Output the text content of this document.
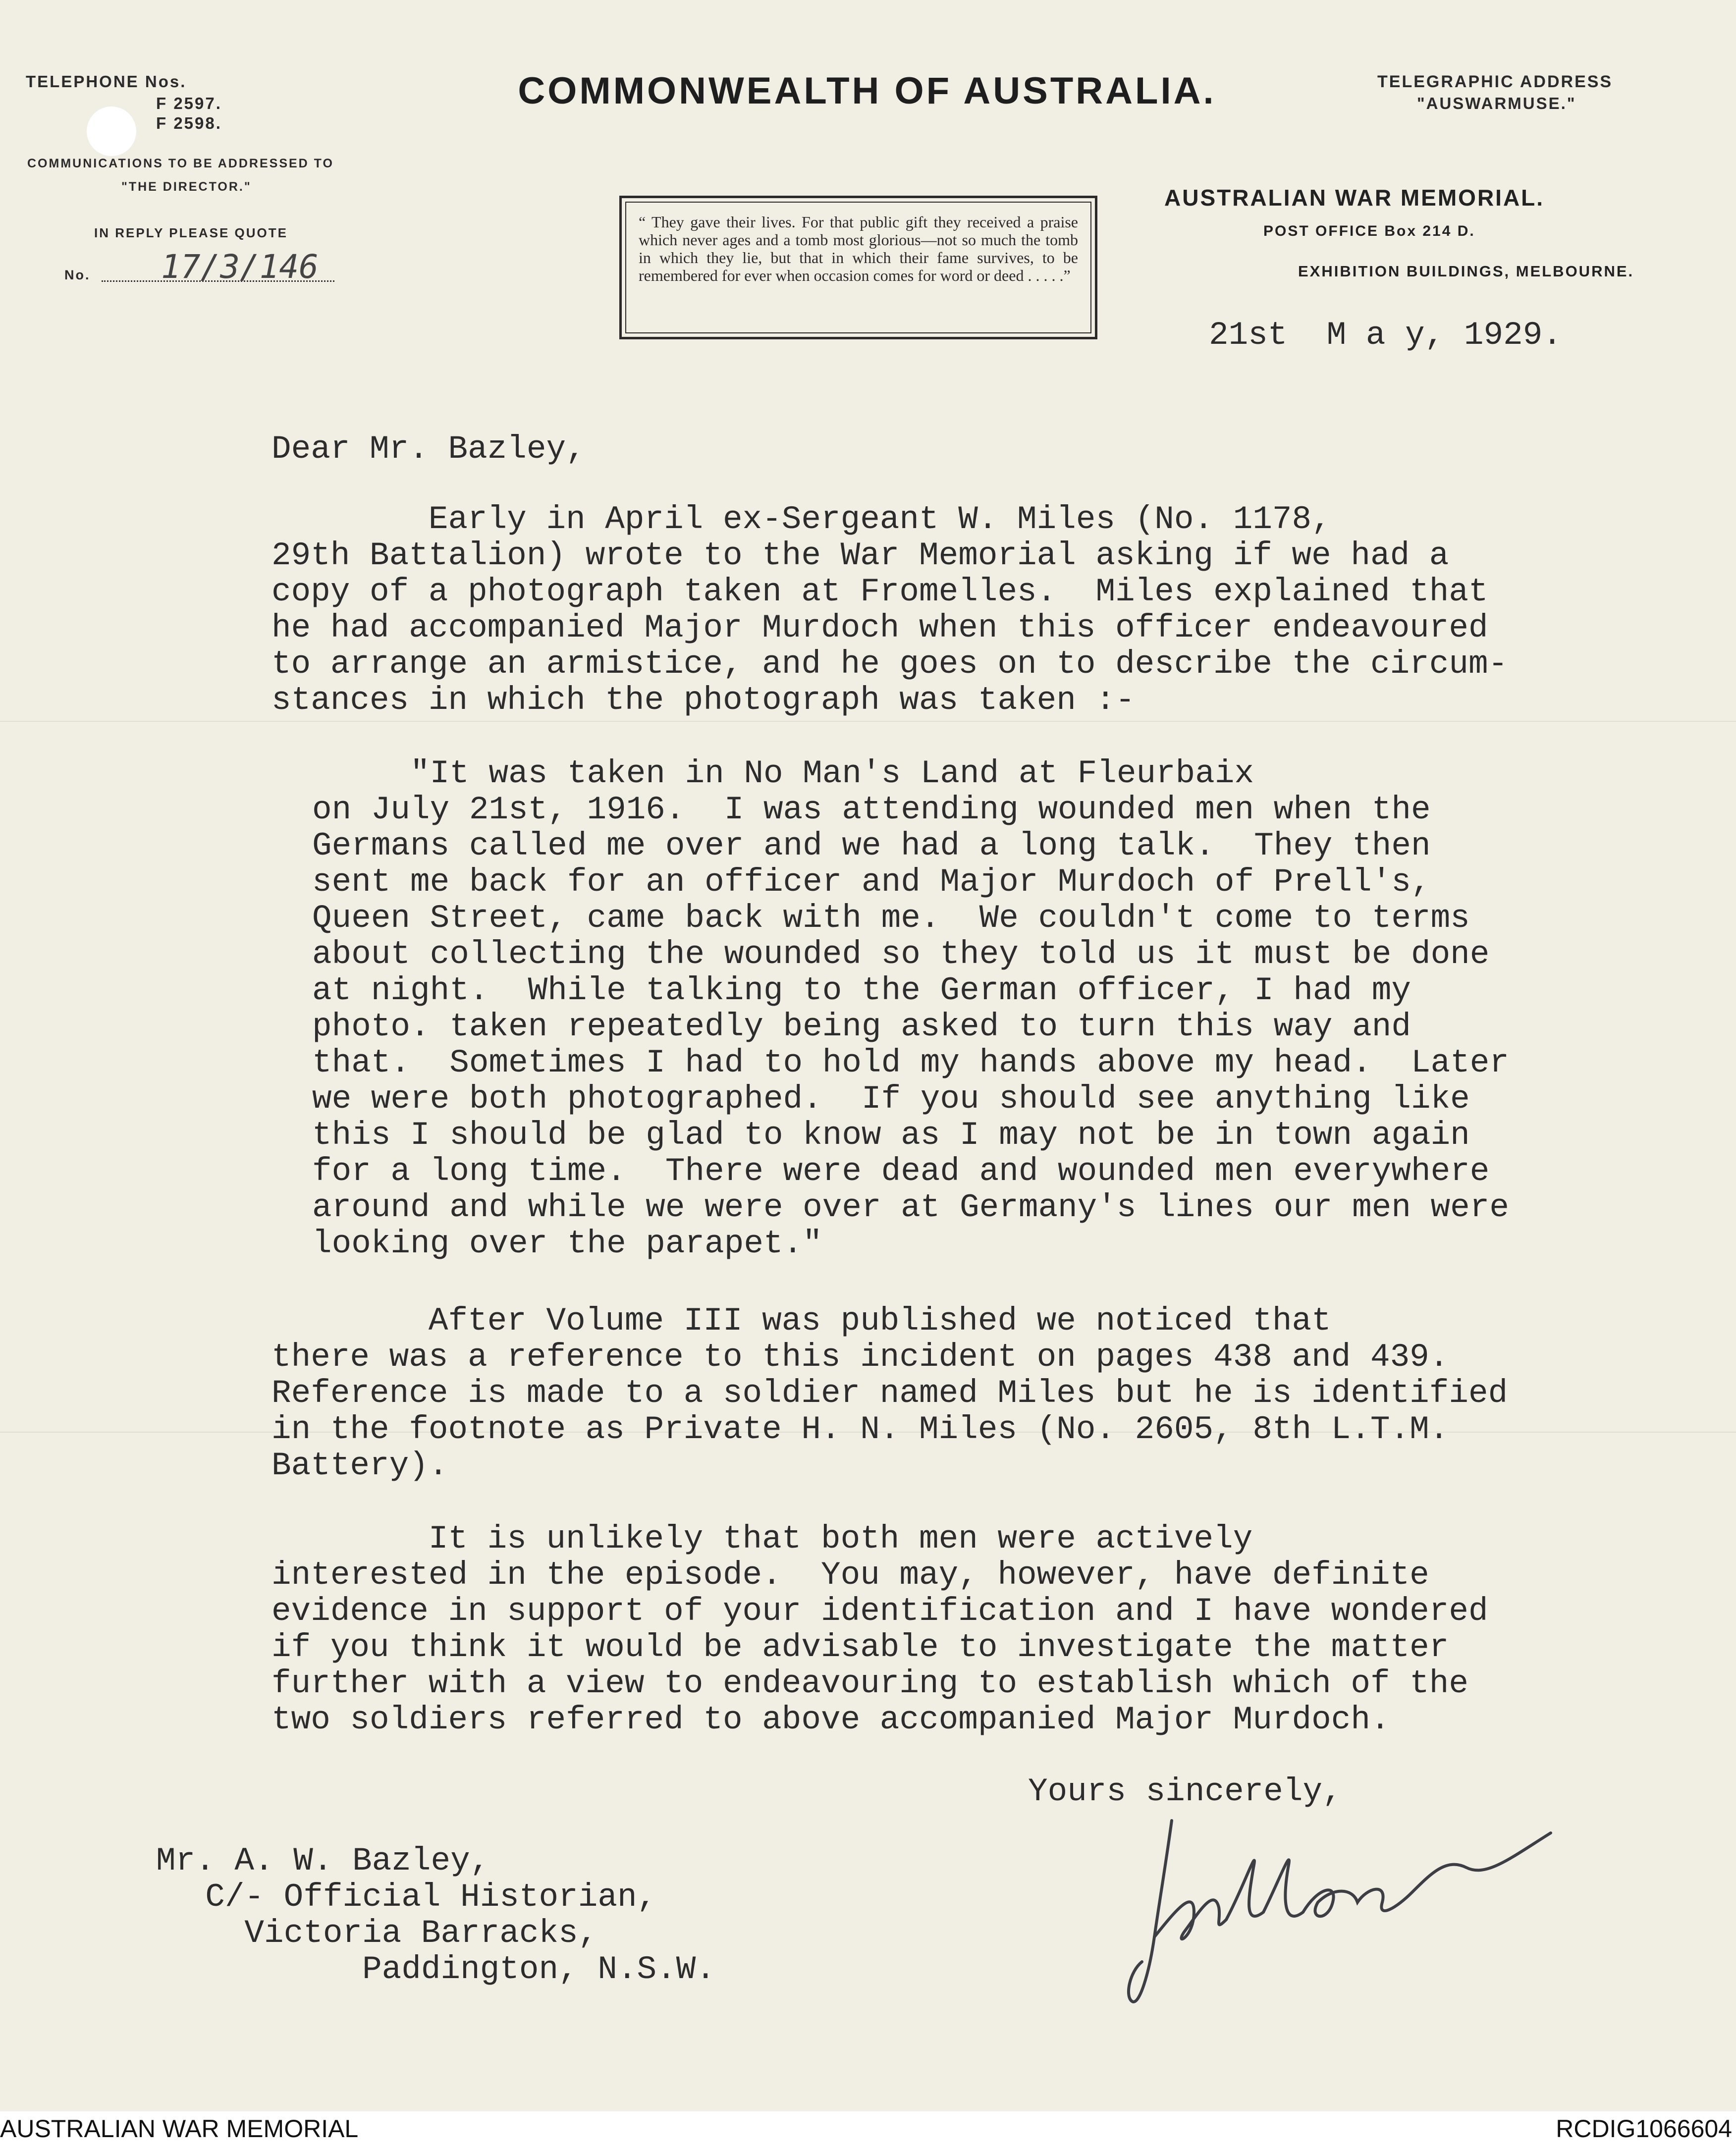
TELEPHONE Nos.
F 2597.
F 2598.
COMMUNICATIONS TO BE ADDRESSED TO
"THE DIRECTOR."
IN REPLY PLEASE QUOTE
No. 17/3/146
COMMONWEALTH OF AUSTRALIA.	TELEGRAPHIC ADDRESS
"AUSWARMUSE."

“ They gave their lives. For that public gift they received a praise which never ages and a tomb most glorious—not so much the tomb in which they lie, but that in which their fame survives, to be remembered for ever when occasion comes for word or deed . . . . .”

AUSTRALIAN WAR MEMORIAL.
POST OFFICE Box 214 D.
EXHIBITION BUILDINGS, MELBOURNE.
21st  M a y, 1929.
Dear Mr. Bazley,
Early in April ex-Sergeant W. Miles (No. 1178,
29th Battalion) wrote to the War Memorial asking if we had a
copy of a photograph taken at Fromelles.  Miles explained that
he had accompanied Major Murdoch when this officer endeavoured
to arrange an armistice, and he goes on to describe the circum-
stances in which the photograph was taken :-
"It was taken in No Man's Land at Fleurbaix
on July 21st, 1916.  I was attending wounded men when the
Germans called me over and we had a long talk.  They then
sent me back for an officer and Major Murdoch of Prell's,
Queen Street, came back with me.  We couldn't come to terms
about collecting the wounded so they told us it must be done
at night.  While talking to the German officer, I had my
photo. taken repeatedly being asked to turn this way and
that.  Sometimes I had to hold my hands above my head.  Later
we were both photographed.  If you should see anything like
this I should be glad to know as I may not be in town again
for a long time.  There were dead and wounded men everywhere
around and while we were over at Germany's lines our men were
looking over the parapet."
After Volume III was published we noticed that
there was a reference to this incident on pages 438 and 439.
Reference is made to a soldier named Miles but he is identified
in the footnote as Private H. N. Miles (No. 2605, 8th L.T.M.
Battery).
It is unlikely that both men were actively
interested in the episode.  You may, however, have definite
evidence in support of your identification and I have wondered
if you think it would be advisable to investigate the matter
further with a view to endeavouring to establish which of the
two soldiers referred to above accompanied Major Murdoch.
Yours sincerely,
Mr. A. W. Bazley,
C/- Official Historian,
Victoria Barracks,
Paddington, N.S.W.
AUSTRALIAN WAR MEMORIAL	RCDIG1066604
